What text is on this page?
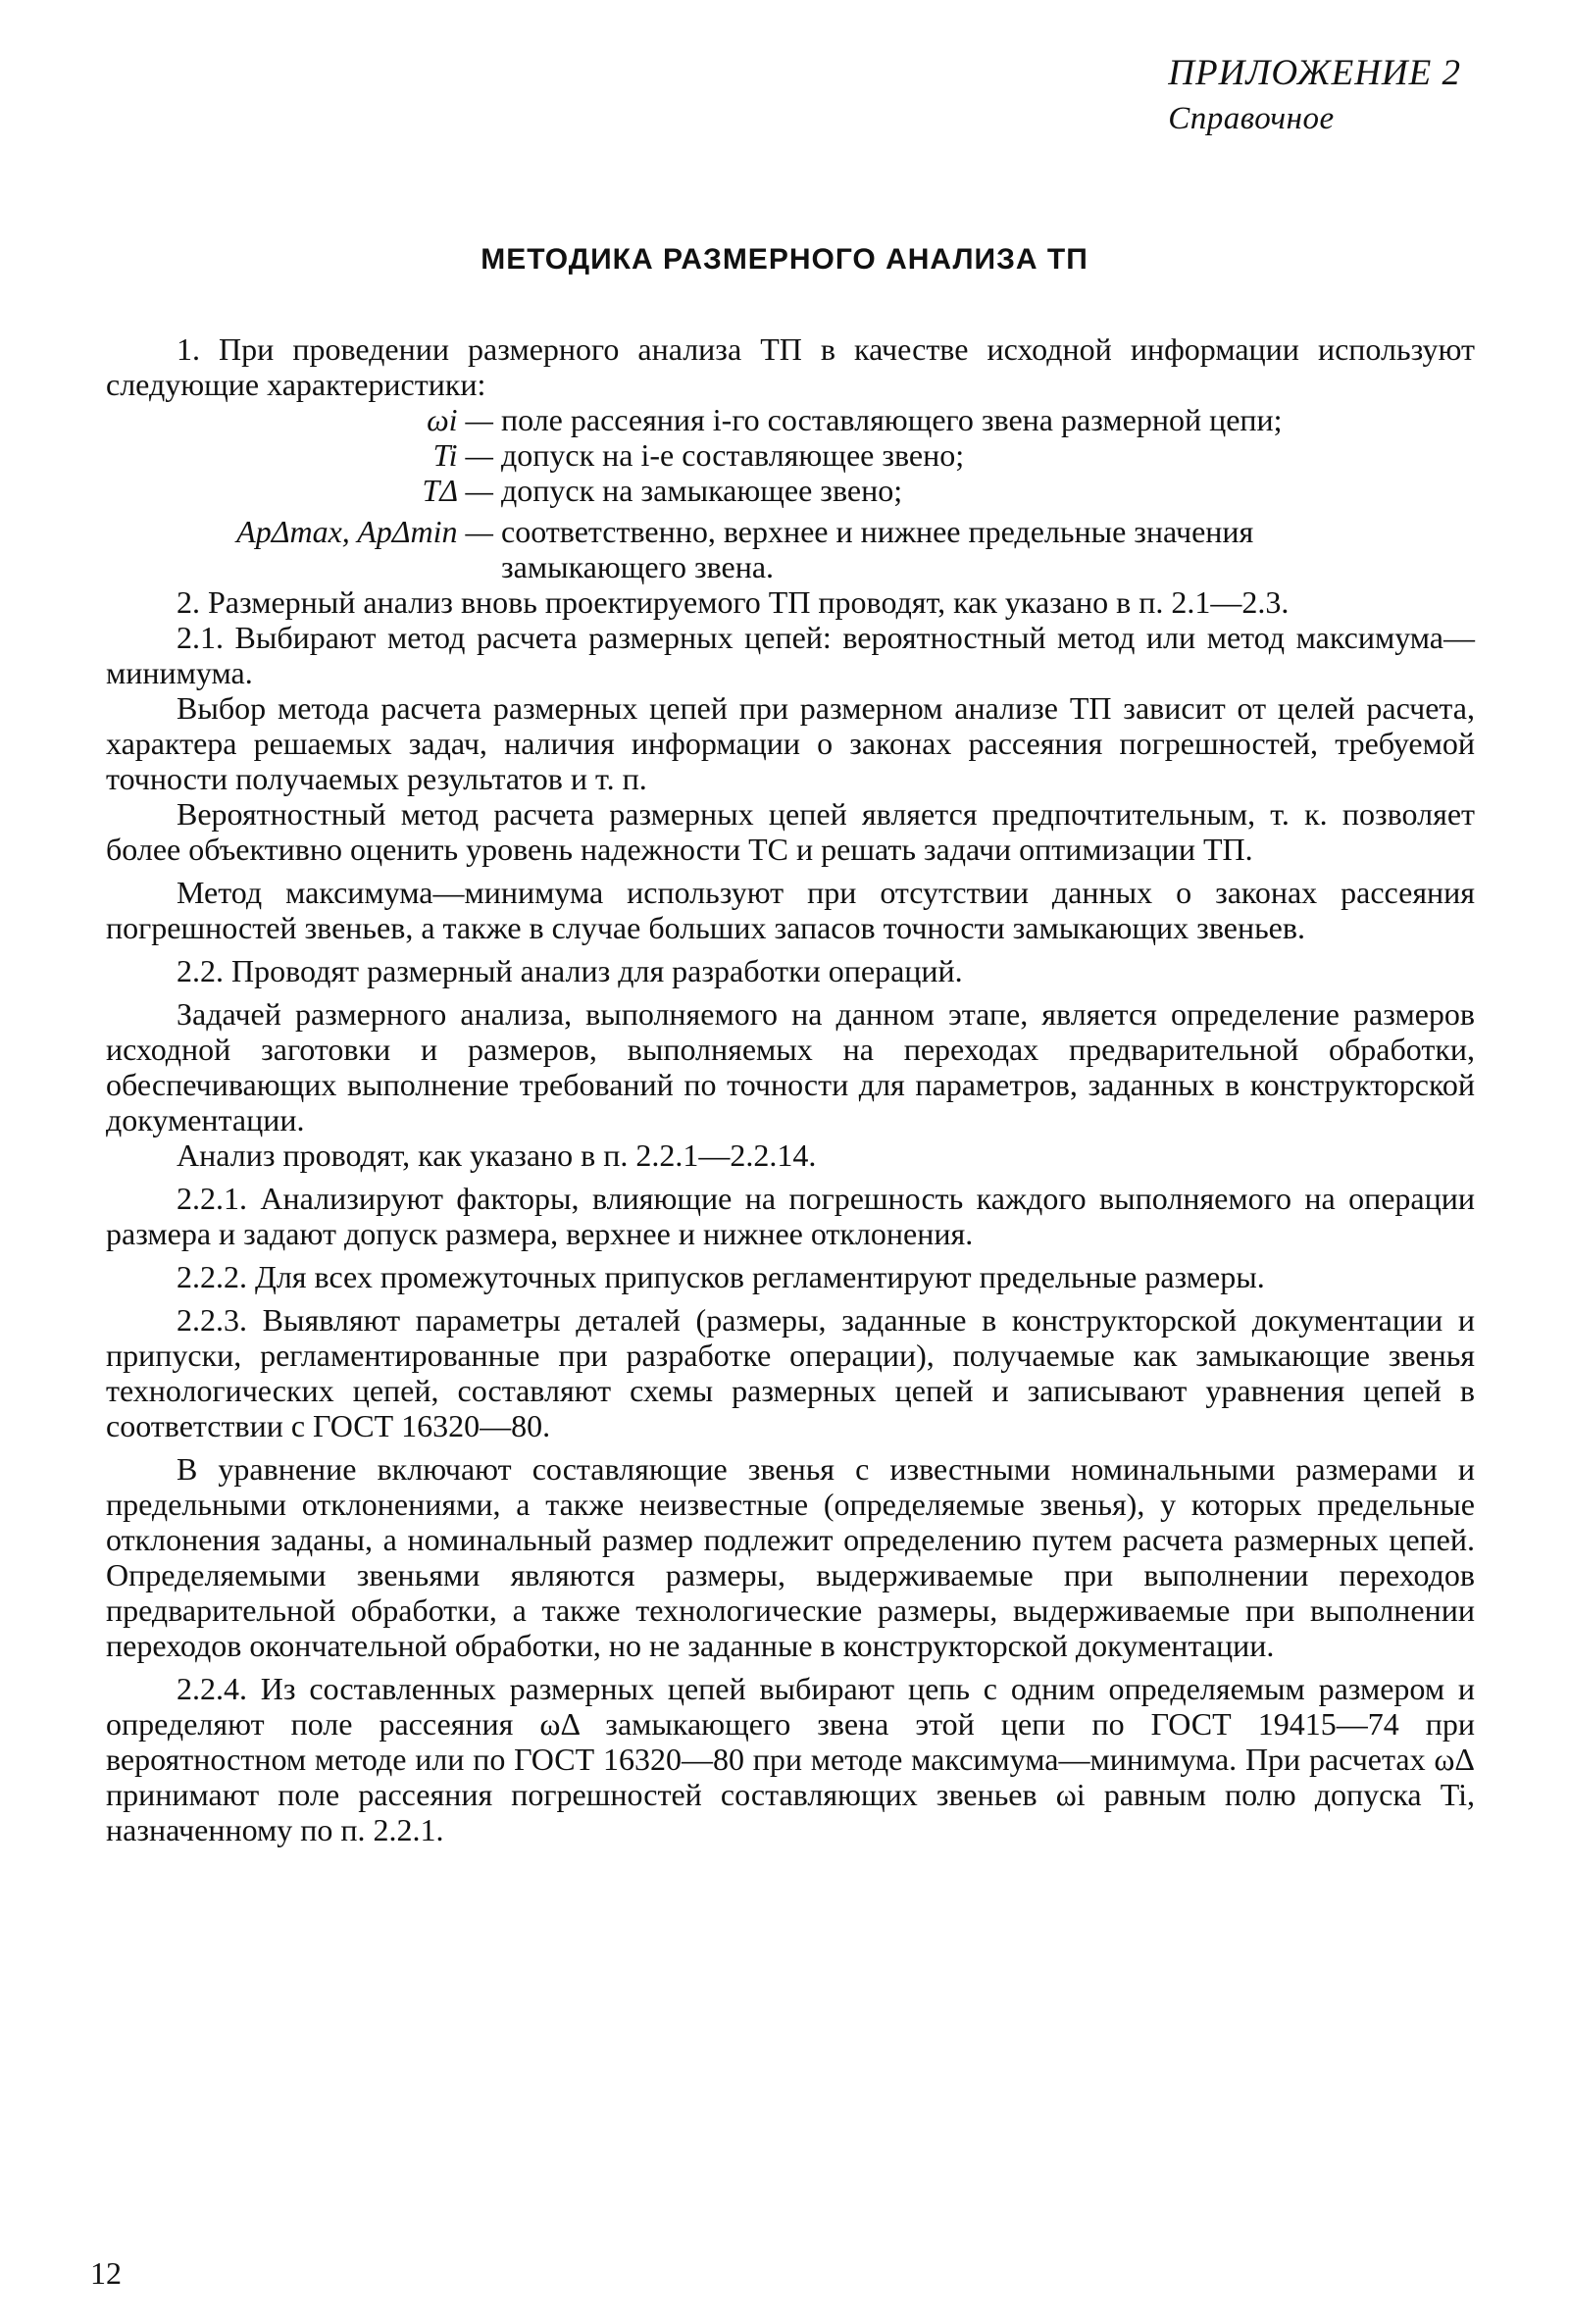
ПРИЛОЖЕНИЕ 2
Справочное
МЕТОДИКА РАЗМЕРНОГО АНАЛИЗА ТП

1. При проведении размерного анализа ТП в качестве исходной информации используют следующие характеристики:

ωi — поле рассеяния i-го составляющего звена размерной цепи;
Ti — допуск на i-е составляющее звено;
TΔ — допуск на замыкающее звено;
ApΔmax, ApΔmin — соответственно, верхнее и нижнее предельные значения
замыкающего звена.

2. Размерный анализ вновь проектируемого ТП проводят, как указано в п. 2.1—2.3.

2.1. Выбирают метод расчета размерных цепей: вероятностный метод или метод максимума—минимума.

Выбор метода расчета размерных цепей при размерном анализе ТП зависит от целей расчета, характера решаемых задач, наличия информации о законах рассеяния погрешностей, требуемой точности получаемых результатов и т. п.

Вероятностный метод расчета размерных цепей является предпочтительным, т. к. позволяет более объективно оценить уровень надежности ТС и решать задачи оптимизации ТП.

Метод максимума—минимума используют при отсутствии данных о законах рассеяния погрешностей звеньев, а также в случае больших запасов точности замыкающих звеньев.

2.2. Проводят размерный анализ для разработки операций.

Задачей размерного анализа, выполняемого на данном этапе, является определение размеров исходной заготовки и размеров, выполняемых на переходах предварительной обработки, обеспечивающих выполнение требований по точности для параметров, заданных в конструкторской документации.

Анализ проводят, как указано в п. 2.2.1—2.2.14.

2.2.1. Анализируют факторы, влияющие на погрешность каждого выполняемого на операции размера и задают допуск размера, верхнее и нижнее отклонения.

2.2.2. Для всех промежуточных припусков регламентируют предельные размеры.

2.2.3. Выявляют параметры деталей (размеры, заданные в конструкторской документации и припуски, регламентированные при разработке операции), получаемые как замыкающие звенья технологических цепей, составляют схемы размерных цепей и записывают уравнения цепей в соответствии с ГОСТ 16320—80.

В уравнение включают составляющие звенья с известными номинальными размерами и предельными отклонениями, а также неизвестные (определяемые звенья), у которых предельные отклонения заданы, а номинальный размер подлежит определению путем расчета размерных цепей. Определяемыми звеньями являются размеры, выдерживаемые при выполнении переходов предварительной обработки, а также технологические размеры, выдерживаемые при выполнении переходов окончательной обработки, но не заданные в конструкторской документации.

2.2.4. Из составленных размерных цепей выбирают цепь с одним определяемым размером и определяют поле рассеяния ωΔ замыкающего звена этой цепи по ГОСТ 19415—74 при вероятностном методе или по ГОСТ 16320—80 при методе максимума—минимума. При расчетах ωΔ принимают поле рассеяния погрешностей составляющих звеньев ωi равным полю допуска Ti, назначенному по п. 2.2.1.

12
